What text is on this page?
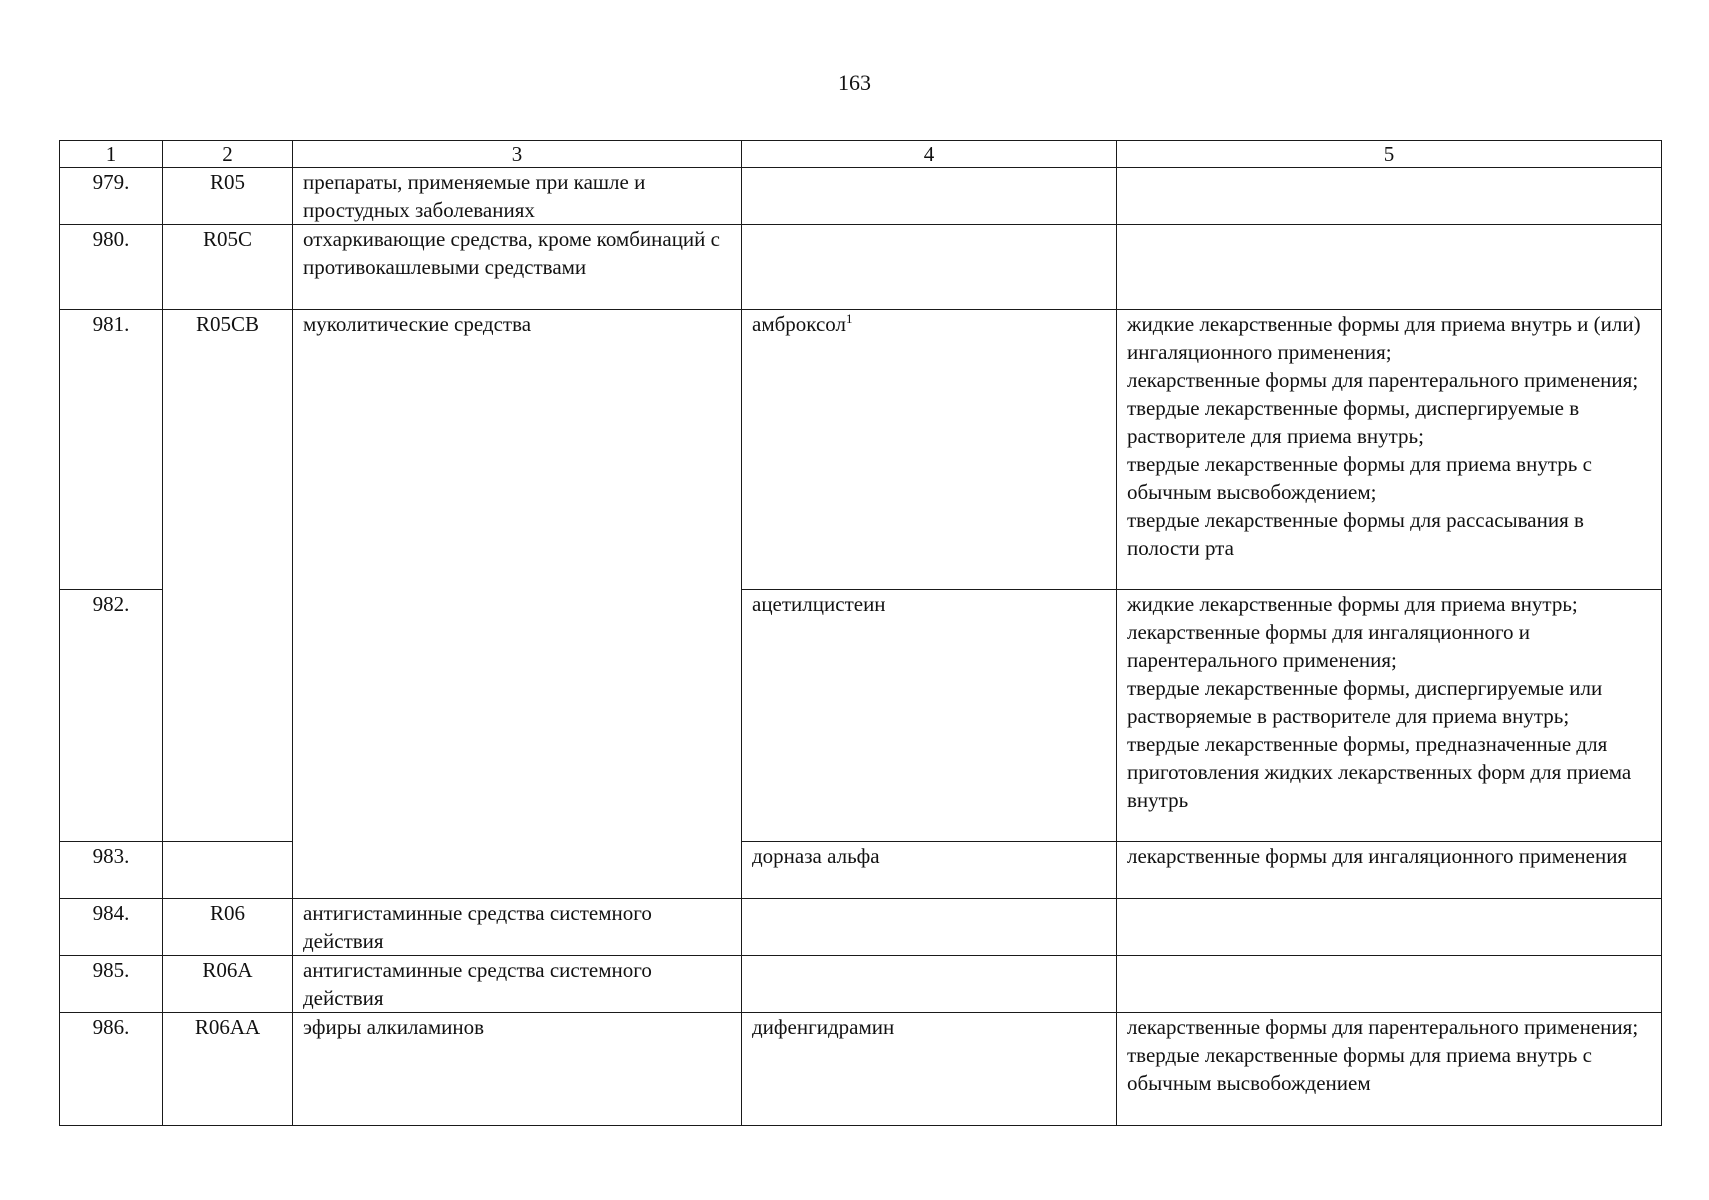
163
1	2	3	4	5
979.	R05	препараты, применяемые при кашле и простудных заболеваниях		
980.	R05C	отхаркивающие средства, кроме комбинаций с противокашлевыми средствами		
981.	R05CB	муколитические средства	амброксол$^1$	жидкие лекарственные формы для приема внутрь и (или) ингаляционного применения;
лекарственные формы для парентерального применения;
твердые лекарственные формы, диспергируемые в растворителе для приема внутрь;
твердые лекарственные формы для приема внутрь с обычным высвобождением;
твердые лекарственные формы для рассасывания в полости рта

982.			ацетилцистеин	жидкие лекарственные формы для приема внутрь;
лекарственные формы для ингаляционного и парентерального применения;
твердые лекарственные формы, диспергируемые или растворяемые в растворителе для приема внутрь;
твердые лекарственные формы, предназначенные для приготовления жидких лекарственных форм для приема внутрь

983.			дорназа альфа	лекарственные формы для ингаляционного применения

984.	R06	антигистаминные средства системного действия		
985.	R06A	антигистаминные средства системного действия		
986.	R06AA	эфиры алкиламинов	дифенгидрамин	лекарственные формы для парентерального применения;
твердые лекарственные формы для приема внутрь с обычным высвобождением
